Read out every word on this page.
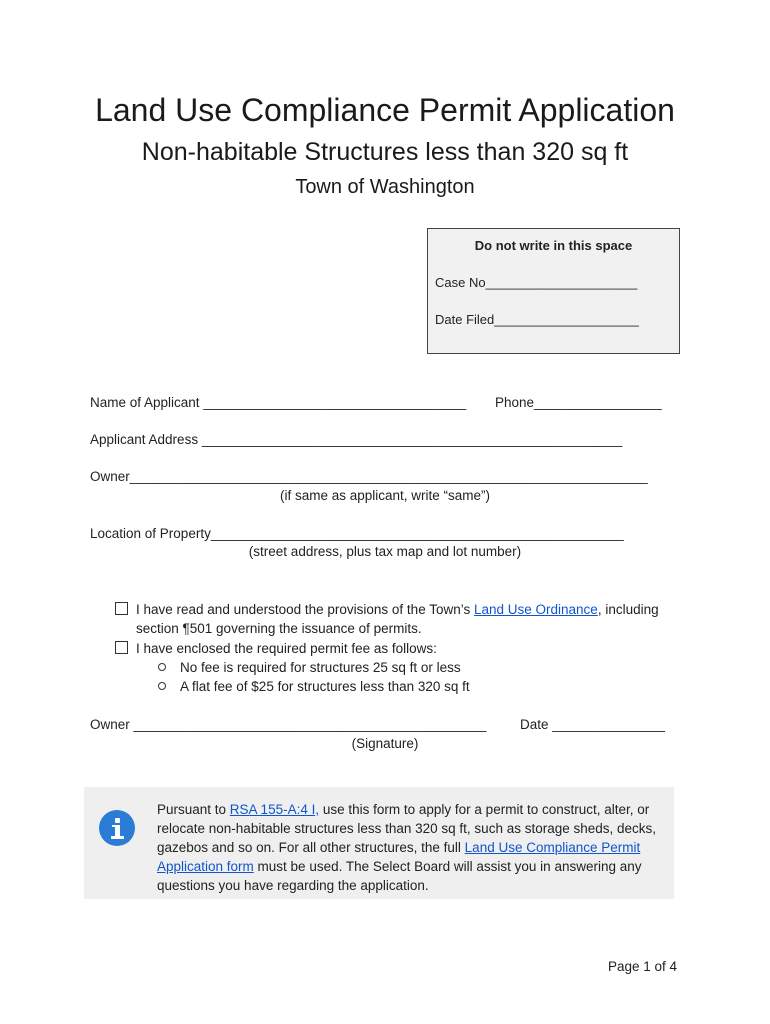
Land Use Compliance Permit Application
Non-habitable Structures less than 320 sq ft
Town of Washington
Do not write in this space
Case No_____________________
Date Filed____________________
Name of Applicant ___________________________________ Phone_________________
Applicant Address ________________________________________________________
Owner_____________________________________________________________________
(if same as applicant, write “same”)
Location of Property_______________________________________________________
(street address, plus tax map and lot number)
I have read and understood the provisions of the Town’s Land Use Ordinance, including
section ¶501 governing the issuance of permits.
I have enclosed the required permit fee as follows:
No fee is required for structures 25 sq ft or less
A flat fee of $25 for structures less than 320 sq ft
Owner _______________________________________________ Date _______________
(Signature)
Pursuant to RSA 155-A:4 I, use this form to apply for a permit to construct, alter, or relocate non-habitable structures less than 320 sq ft, such as storage sheds, decks, gazebos and so on. For all other structures, the full Land Use Compliance Permit Application form must be used. The Select Board will assist you in answering any questions you have regarding the application.
Page 1 of 4
